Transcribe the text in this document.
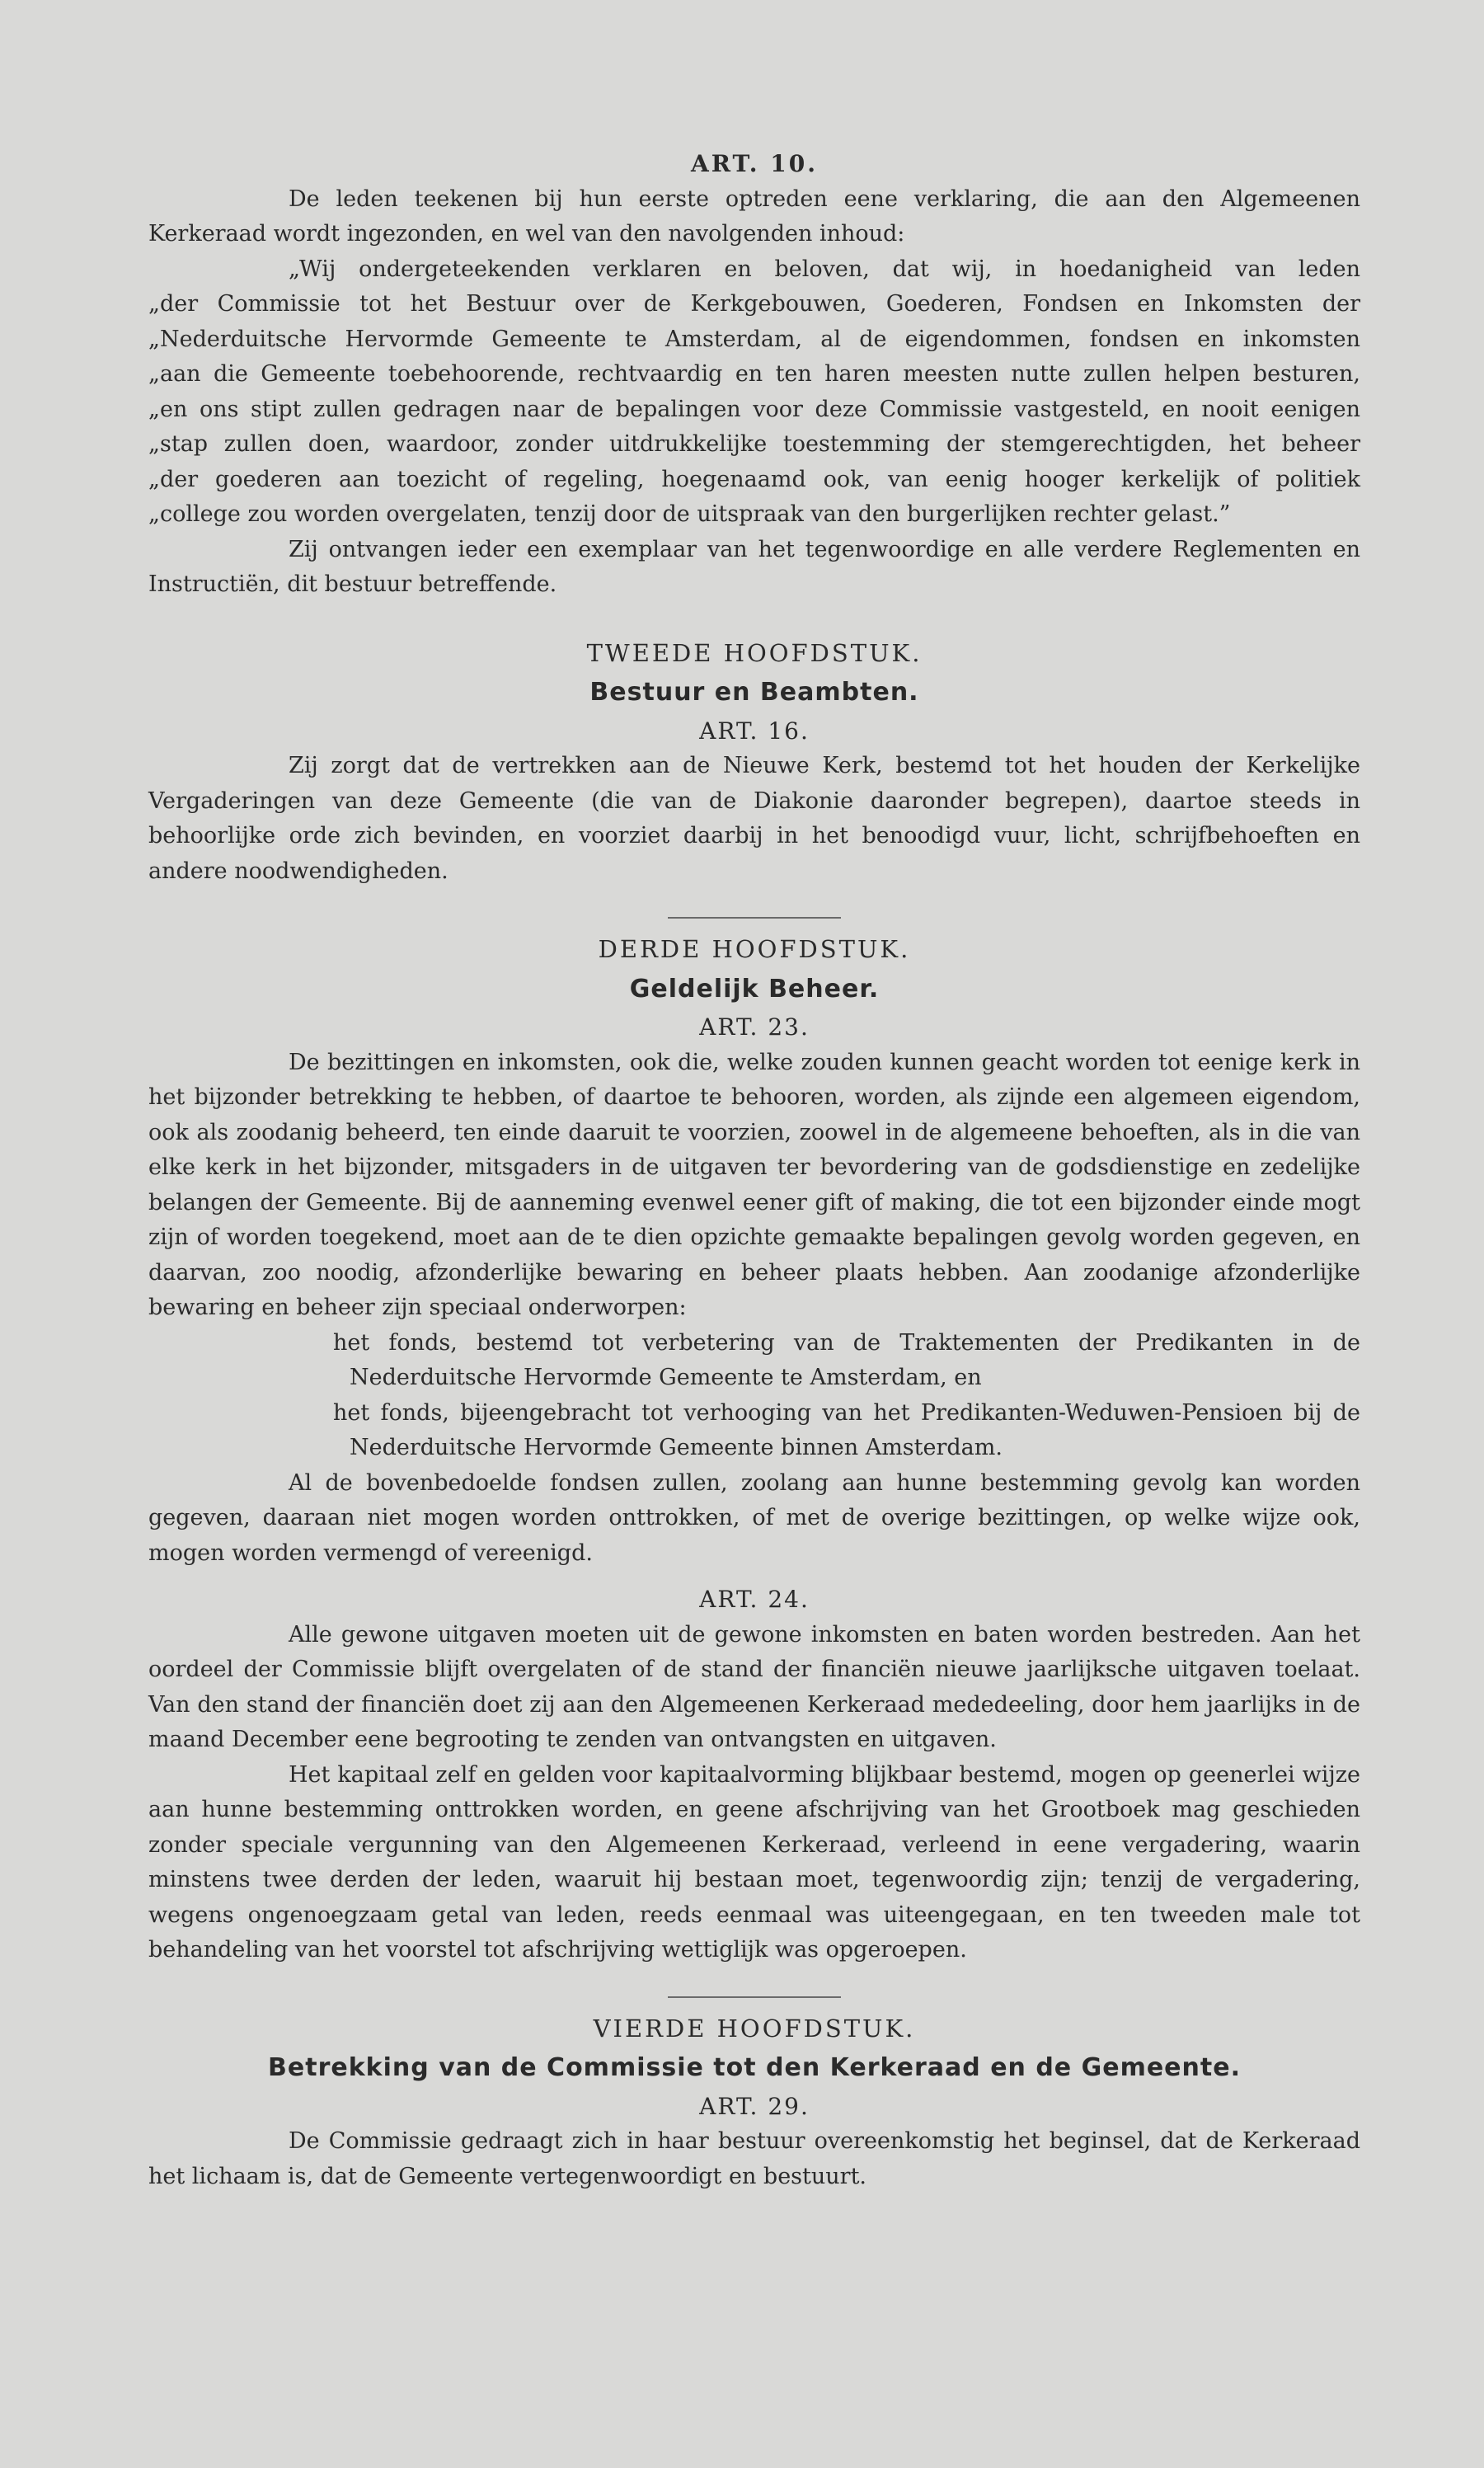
ART. 10.

De leden teekenen bij hun eerste optreden eene verklaring, die aan den Algemeenen Kerkeraad wordt ingezonden, en wel van den navolgenden inhoud:

„Wij ondergeteekenden verklaren en beloven, dat wij, in hoedanigheid van leden

„der Commissie tot het Bestuur over de Kerkgebouwen, Goederen, Fondsen en Inkomsten der

„Nederduitsche Hervormde Gemeente te Amsterdam, al de eigendommen, fondsen en inkomsten

„aan die Gemeente toebehoorende, rechtvaardig en ten haren meesten nutte zullen helpen besturen,

„en ons stipt zullen gedragen naar de bepalingen voor deze Commissie vastgesteld, en nooit eenigen

„stap zullen doen, waardoor, zonder uitdrukkelijke toestemming der stemgerechtigden, het beheer

„der goederen aan toezicht of regeling, hoegenaamd ook, van eenig hooger kerkelijk of politiek

„college zou worden overgelaten, tenzij door de uitspraak van den burgerlijken rechter gelast.”

Zij ontvangen ieder een exemplaar van het tegenwoordige en alle verdere Reglementen en Instructiën, dit bestuur betreffende.

TWEEDE HOOFDSTUK.

Bestuur en Beambten.

ART. 16.

Zij zorgt dat de vertrekken aan de Nieuwe Kerk, bestemd tot het houden der Kerkelijke Vergaderingen van deze Gemeente (die van de Diakonie daaronder begrepen), daartoe steeds in behoorlijke orde zich bevinden, en voorziet daarbij in het benoodigd vuur, licht, schrijfbehoeften en andere noodwendigheden.

DERDE HOOFDSTUK.

Geldelijk Beheer.

ART. 23.

De bezittingen en inkomsten, ook die, welke zouden kunnen geacht worden tot eenige kerk in het bijzonder betrekking te hebben, of daartoe te behooren, worden, als zijnde een algemeen eigendom, ook als zoodanig beheerd, ten einde daaruit te voorzien, zoowel in de algemeene behoeften, als in die van elke kerk in het bijzonder, mitsgaders in de uitgaven ter bevordering van de godsdienstige en zedelijke belangen der Gemeente. Bij de aanneming evenwel eener gift of making, die tot een bijzonder einde mogt zijn of worden toegekend, moet aan de te dien opzichte gemaakte bepalingen gevolg worden gegeven, en daarvan, zoo noodig, afzonderlijke bewaring en beheer plaats hebben. Aan zoodanige afzonderlijke bewaring en beheer zijn speciaal onderworpen:

het fonds, bestemd tot verbetering van de Traktementen der Predikanten in de Nederduitsche Hervormde Gemeente te Amsterdam, en

het fonds, bijeengebracht tot verhooging van het Predikanten-Weduwen-Pensioen bij de Nederduitsche Hervormde Gemeente binnen Amsterdam.

Al de bovenbedoelde fondsen zullen, zoolang aan hunne bestemming gevolg kan worden gegeven, daaraan niet mogen worden onttrokken, of met de overige bezittingen, op welke wijze ook, mogen worden vermengd of vereenigd.

ART. 24.

Alle gewone uitgaven moeten uit de gewone inkomsten en baten worden bestreden. Aan het oordeel der Commissie blijft overgelaten of de stand der financiën nieuwe jaarlijksche uitgaven toelaat. Van den stand der financiën doet zij aan den Algemeenen Kerkeraad mededeeling, door hem jaarlijks in de maand December eene begrooting te zenden van ontvangsten en uitgaven.

Het kapitaal zelf en gelden voor kapitaalvorming blijkbaar bestemd, mogen op geenerlei wijze aan hunne bestemming onttrokken worden, en geene afschrijving van het Grootboek mag geschieden zonder speciale vergunning van den Algemeenen Kerkeraad, verleend in eene vergadering, waarin minstens twee derden der leden, waaruit hij bestaan moet, tegenwoordig zijn; tenzij de vergadering, wegens ongenoegzaam getal van leden, reeds eenmaal was uiteengegaan, en ten tweeden male tot behandeling van het voorstel tot afschrijving wettiglijk was opgeroepen.

VIERDE HOOFDSTUK.

Betrekking van de Commissie tot den Kerkeraad en de Gemeente.

ART. 29.

De Commissie gedraagt zich in haar bestuur overeenkomstig het beginsel, dat de Kerkeraad het lichaam is, dat de Gemeente vertegenwoordigt en bestuurt.
